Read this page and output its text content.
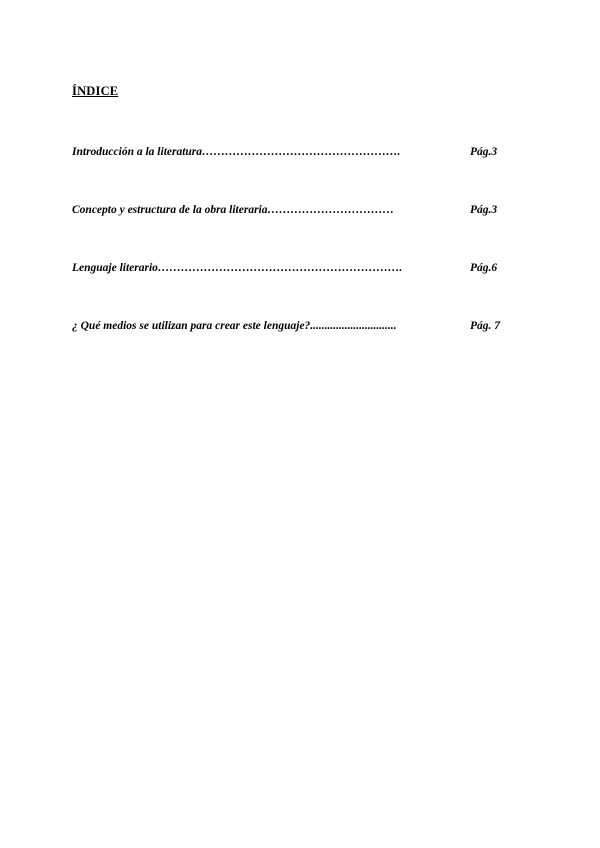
ÍNDICE
Introducción a la literatura…………………………………………….	Pág.3
Concepto y estructura de la obra literaria……………………………	Pág.3
Lenguaje literario……………………………………………………….	Pág.6
¿ Qué medios se utilizan para crear este lenguaje?..............................	Pág. 7
